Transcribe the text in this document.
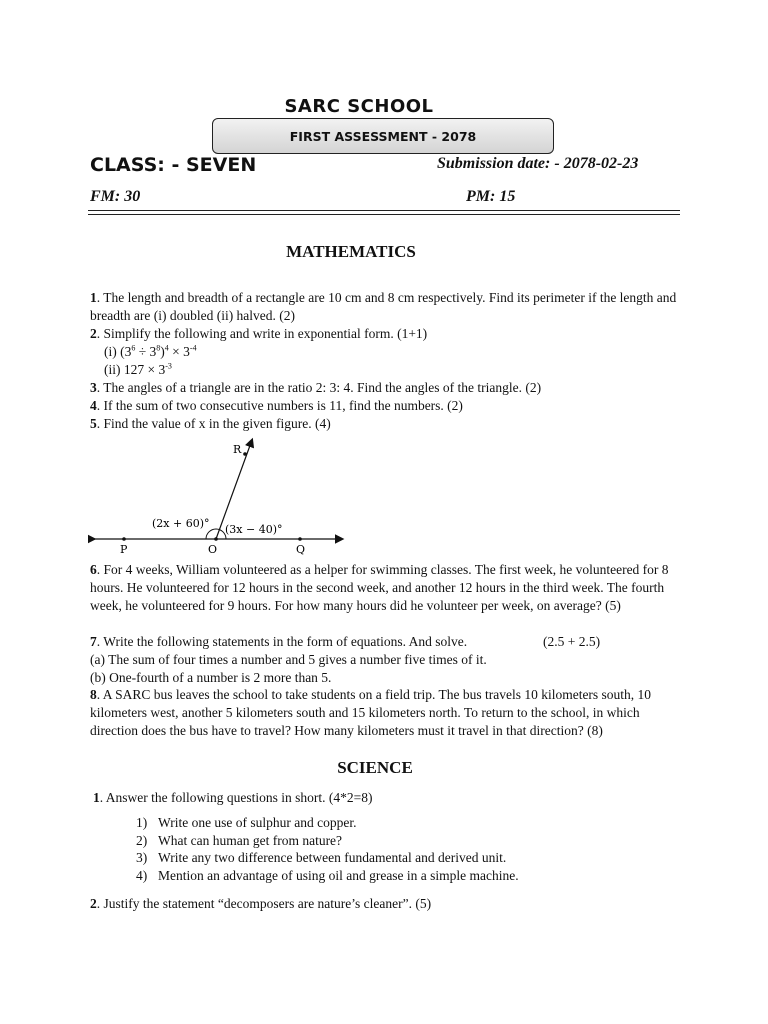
SARC SCHOOL
FIRST ASSESSMENT - 2078
CLASS: - SEVEN	Submission date: - 2078-02-23
FM: 30	PM: 15
MATHEMATICS
1. The length and breadth of a rectangle are 10 cm and 8 cm respectively. Find its perimeter if the length and breadth are (i) doubled (ii) halved. (2)
2. Simplify the following and write in exponential form. (1+1)
(i) $(3^6 \div 3^8)^4 \times 3^{-4}$
(ii) $127 \times 3^{-3}$
3. The angles of a triangle are in the ratio 2: 3: 4. Find the angles of the triangle. (2)
4. If the sum of two consecutive numbers is 11, find the numbers. (2)
5. Find the value of x in the given figure. (4)
(2x + 60)° (3x − 40)°
P	O	Q
R
6. For 4 weeks, William volunteered as a helper for swimming classes. The first week, he volunteered for 8 hours. He volunteered for 12 hours in the second week, and another 12 hours in the third week. The fourth week, he volunteered for 9 hours. For how many hours did he volunteer per week, on average? (5)
7. Write the following statements in the form of equations. And solve.	(2.5 + 2.5)
(a) The sum of four times a number and 5 gives a number five times of it.
(b) One-fourth of a number is 2 more than 5.
8. A SARC bus leaves the school to take students on a field trip. The bus travels 10 kilometers south, 10 kilometers west, another 5 kilometers south and 15 kilometers north. To return to the school, in which direction does the bus have to travel? How many kilometers must it travel in that direction? (8)
SCIENCE
1. Answer the following questions in short. (4*2=8)
1) Write one use of sulphur and copper.
2) What can human get from nature?
3) Write any two difference between fundamental and derived unit.
4) Mention an advantage of using oil and grease in a simple machine.
2. Justify the statement “decomposers are nature’s cleaner”. (5)
